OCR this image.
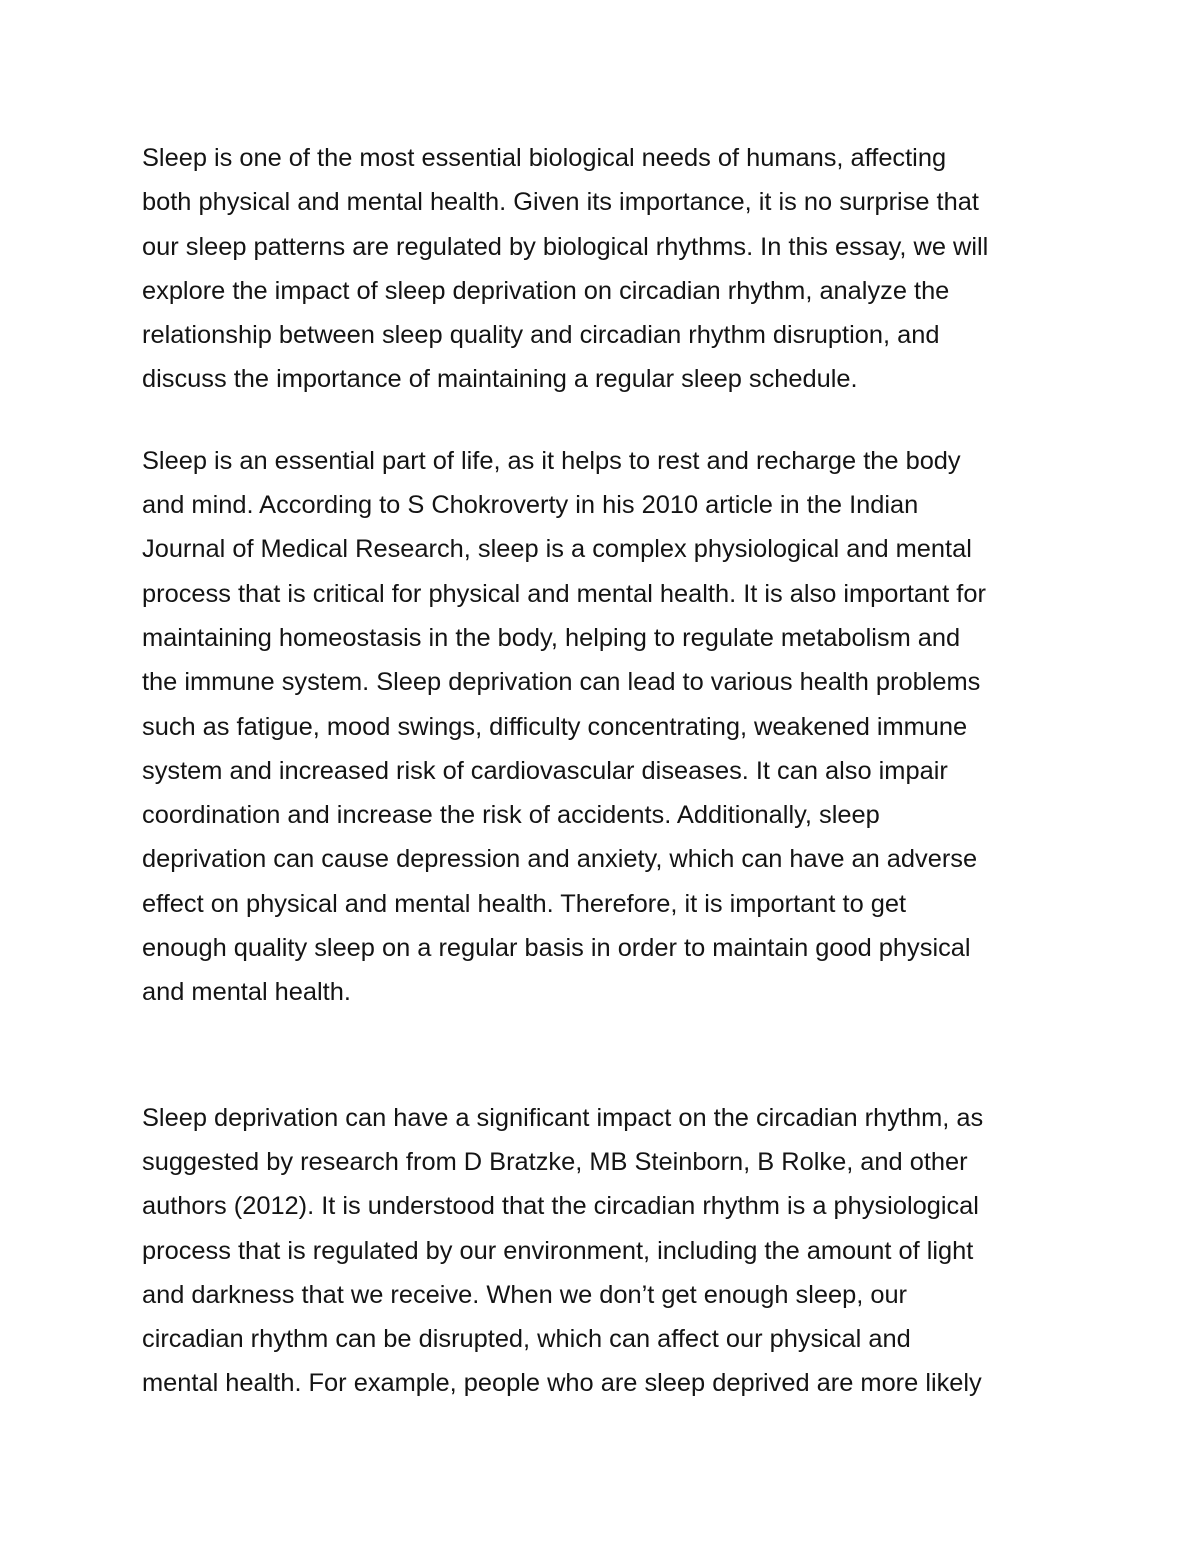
Sleep is one of the most essential biological needs of humans, affecting
both physical and mental health. Given its importance, it is no surprise that
our sleep patterns are regulated by biological rhythms. In this essay, we will
explore the impact of sleep deprivation on circadian rhythm, analyze the
relationship between sleep quality and circadian rhythm disruption, and
discuss the importance of maintaining a regular sleep schedule.
Sleep is an essential part of life, as it helps to rest and recharge the body
and mind. According to S Chokroverty in his 2010 article in the Indian
Journal of Medical Research, sleep is a complex physiological and mental
process that is critical for physical and mental health. It is also important for
maintaining homeostasis in the body, helping to regulate metabolism and
the immune system. Sleep deprivation can lead to various health problems
such as fatigue, mood swings, difficulty concentrating, weakened immune
system and increased risk of cardiovascular diseases. It can also impair
coordination and increase the risk of accidents. Additionally, sleep
deprivation can cause depression and anxiety, which can have an adverse
effect on physical and mental health. Therefore, it is important to get
enough quality sleep on a regular basis in order to maintain good physical
and mental health.
Sleep deprivation can have a significant impact on the circadian rhythm, as
suggested by research from D Bratzke, MB Steinborn, B Rolke, and other
authors (2012). It is understood that the circadian rhythm is a physiological
process that is regulated by our environment, including the amount of light
and darkness that we receive. When we don’t get enough sleep, our
circadian rhythm can be disrupted, which can affect our physical and
mental health. For example, people who are sleep deprived are more likely
